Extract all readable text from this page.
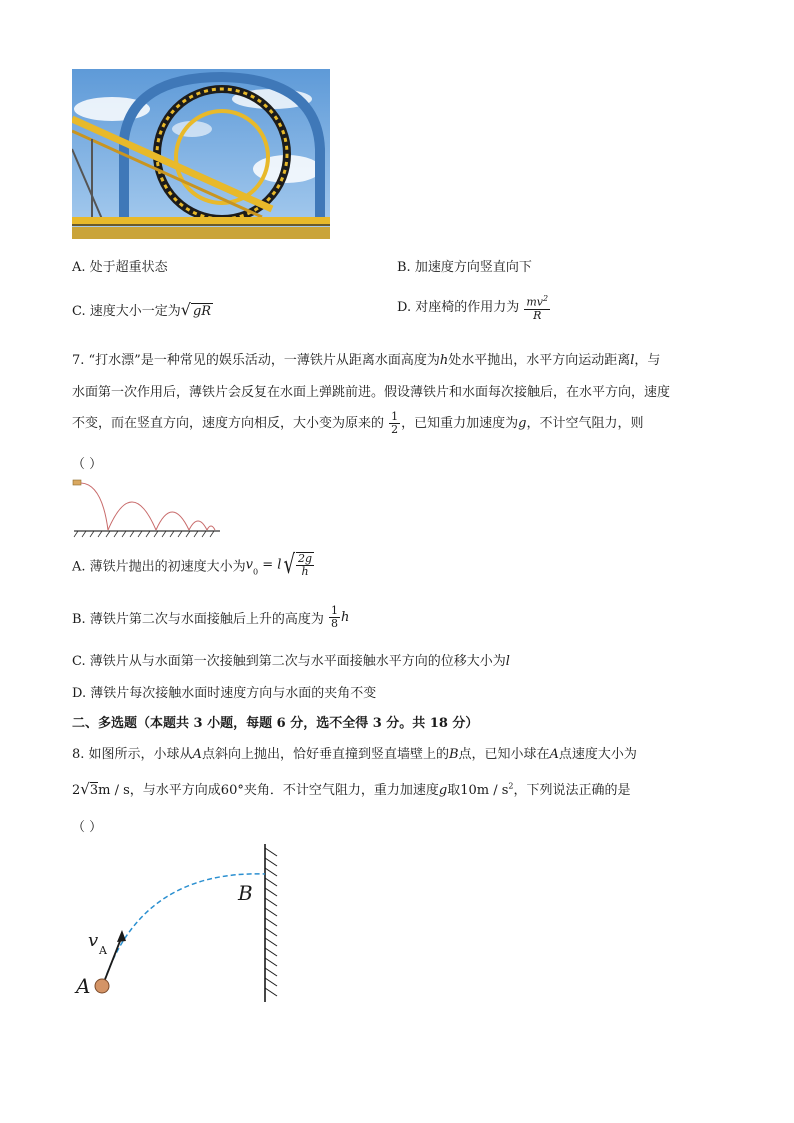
A. 处于超重状态	B. 加速度方向竖直向下
C. 速度大小一定为√ gR	D. 对座椅的作用力为 $\frac{mv^2}{R}$
7. “打水漂”是一种常见的娱乐活动，一薄铁片从距离水面高度为h处水平抛出，水平方向运动距离l，与
水面第一次作用后，薄铁片会反复在水面上弹跳前进。假设薄铁片和水面每次接触后，在水平方向，速度
不变，而在竖直方向，速度方向相反，大小变为原来的 $\frac{1}{2}$ ，已知重力加速度为g，不计空气阻力，则
（ ）
A. 薄铁片抛出的初速度大小为$v_0 = l√ \frac{2g}{h}$
B. 薄铁片第二次与水面接触后上升的高度为 $\frac{1}{8}$ h
C. 薄铁片从与水面第一次接触到第二次与水平面接触水平方向的位移大小为l
D. 薄铁片每次接触水面时速度方向与水面的夹角不变
二、多选题（本题共 3 小题，每题 6 分，选不全得 3 分。共 18 分）
8. 如图所示，小球从A点斜向上抛出，恰好垂直撞到竖直墙壁上的B点，已知小球在A点速度大小为
2√3m / s，与水平方向成60°夹角．不计空气阻力，重力加速度g取$10m / s^2$，下列说法正确的是
（ ）
B
A
v A
